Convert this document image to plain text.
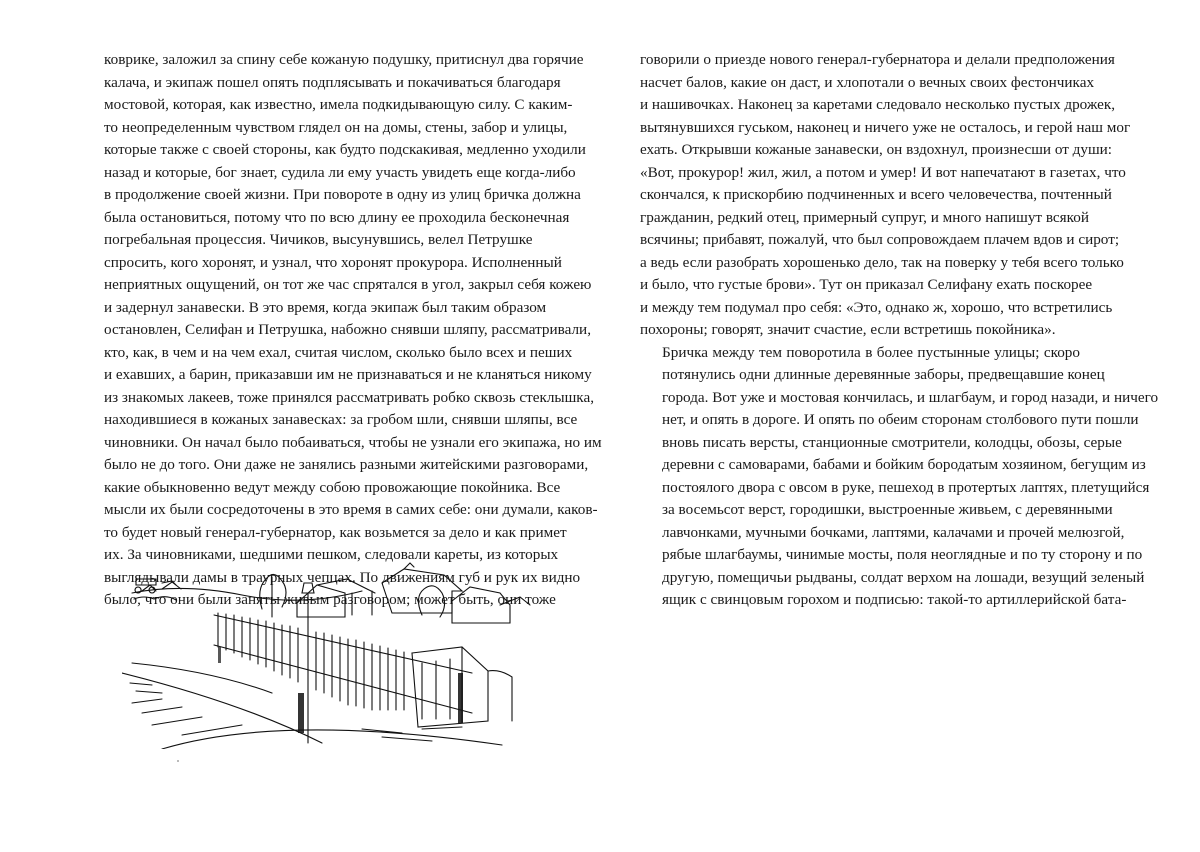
коврике, заложил за спину себе кожаную подушку, притиснул два горячие
калача, и экипаж пошел опять подплясывать и покачиваться благодаря
мостовой, которая, как известно, имела подкидывающую силу. С каким-
то неопределенным чувством глядел он на домы, стены, забор и улицы,
которые также с своей стороны, как будто подскакивая, медленно уходили
назад и которые, бог знает, судила ли ему участь увидеть еще когда-либо
в продолжение своей жизни. При повороте в одну из улиц бричка должна
была остановиться, потому что по всю длину ее проходила бесконечная
погребальная процессия. Чичиков, высунувшись, велел Петрушке
спросить, кого хоронят, и узнал, что хоронят прокурора. Исполненный
неприятных ощущений, он тот же час спрятался в угол, закрыл себя кожею
и задернул занавески. В это время, когда экипаж был таким образом
остановлен, Селифан и Петрушка, набожно снявши шляпу, рассматривали,
кто, как, в чем и на чем ехал, считая числом, сколько было всех и пеших
и ехавших, а барин, приказавши им не признаваться и не кланяться никому
из знакомых лакеев, тоже принялся рассматривать робко сквозь стеклышка,
находившиеся в кожаных занавесках: за гробом шли, снявши шляпы, все
чиновники. Он начал было побаиваться, чтобы не узнали его экипажа, но им
было не до того. Они даже не занялись разными житейскими разговорами,
какие обыкновенно ведут между собою провожающие покойника. Все
мысли их были сосредоточены в это время в самих себе: они думали, каков-
то будет новый генерал-губернатор, как возьмется за дело и как примет
их. За чиновниками, шедшими пешком, следовали кареты, из которых
выглядывали дамы в траурных чепцах. По движениям губ и рук их видно
было, что они были заняты живым разговором; может быть, они тоже

говорили о приезде нового генерал-губернатора и делали предположения
насчет балов, какие он даст, и хлопотали о вечных своих фестончиках
и нашивочках. Наконец за каретами следовало несколько пустых дрожек,
вытянувшихся гуськом, наконец и ничего уже не осталось, и герой наш мог
ехать. Открывши кожаные занавески, он вздохнул, произнесши от души:
«Вот, прокурор! жил, жил, а потом и умер! И вот напечатают в газетах, что
скончался, к прискорбию подчиненных и всего человечества, почтенный
гражданин, редкий отец, примерный супруг, и много напишут всякой
всячины; прибавят, пожалуй, что был сопровождаем плачем вдов и сирот;
а ведь если разобрать хорошенько дело, так на поверку у тебя всего только
и было, что густые брови». Тут он приказал Селифану ехать поскорее
и между тем подумал про себя: «Это, однако ж, хорошо, что встретились
похороны; говорят, значит счастие, если встретишь покойника».

Бричка между тем поворотила в более пустынные улицы; скоро
потянулись одни длинные деревянные заборы, предвещавшие конец
города. Вот уже и мостовая кончилась, и шлагбаум, и город назади, и ничего
нет, и опять в дороге. И опять по обеим сторонам столбового пути пошли
вновь писать версты, станционные смотрители, колодцы, обозы, серые
деревни с самоварами, бабами и бойким бородатым хозяином, бегущим из
постоялого двора с овсом в руке, пешеход в протертых лаптях, плетущийся
за восемьсот верст, городишки, выстроенные живьем, с деревянными
лавчонками, мучными бочками, лаптями, калачами и прочей мелюзгой,
рябые шлагбаумы, чинимые мосты, поля неоглядные и по ту сторону и по
другую, помещичьи рыдваны, солдат верхом на лошади, везущий зеленый
ящик с свинцовым горохом и подписью: такой-то артиллерийской бата-
